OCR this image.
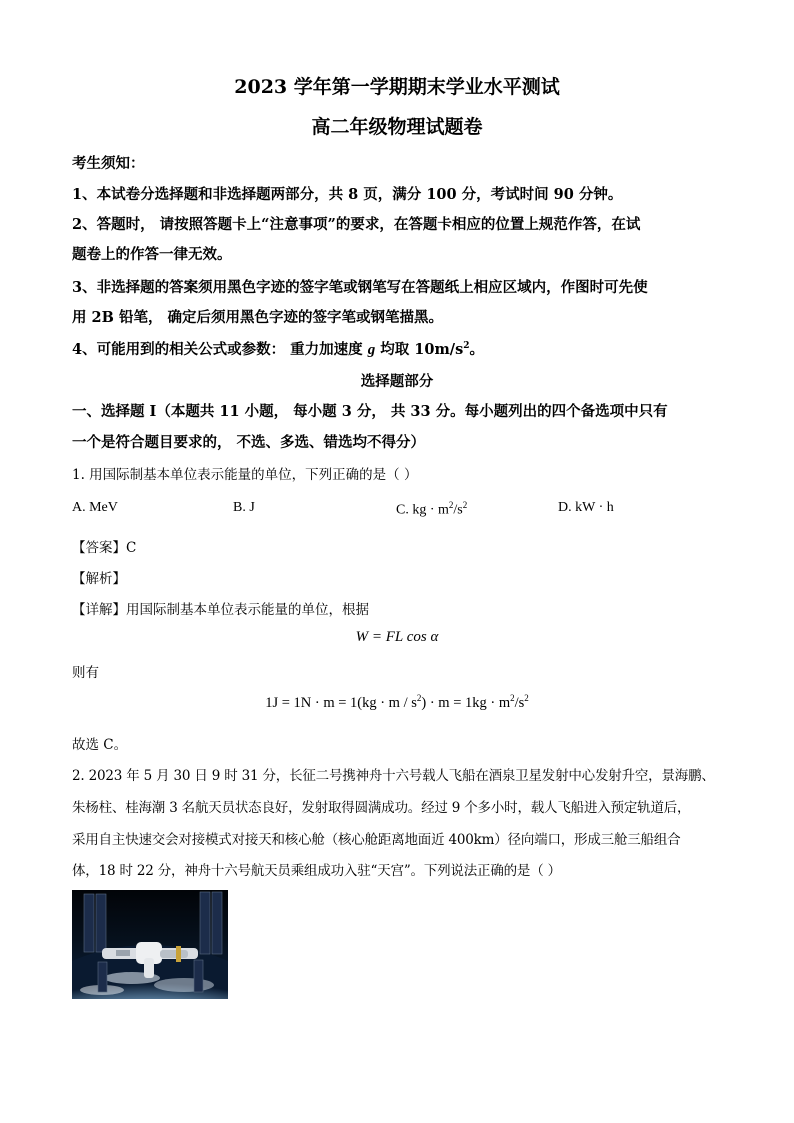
2023 学年第一学期期末学业水平测试
高二年级物理试题卷
考生须知：
1、本试卷分选择题和非选择题两部分，共 8 页，满分 100 分，考试时间 90 分钟。
2、答题时， 请按照答题卡上“注意事项”的要求，在答题卡相应的位置上规范作答，在试
题卷上的作答一律无效。
3、非选择题的答案须用黑色字迹的签字笔或钢笔写在答题纸上相应区域内，作图时可先使
用 2B 铅笔， 确定后须用黑色字迹的签字笔或钢笔描黑。
4、可能用到的相关公式或参数： 重力加速度 g 均取 $10m/s^2$。
选择题部分
一、选择题 I（本题共 11 小题， 每小题 3 分， 共 33 分。每小题列出的四个备选项中只有
一个是符合题目要求的， 不选、多选、错选均不得分）
1. 用国际制基本单位表示能量的单位，下列正确的是（ ）
A. MeV	B. J	C. kg · $m^2/s^2$	D. kW · h
【答案】C
【解析】
【详解】用国际制基本单位表示能量的单位，根据
W = FL cos α
则有
$1J = 1N \cdot m = 1(kg \cdot m / s^2) \cdot m = 1kg \cdot m^2/s^2$
故选 C。
2. 2023 年 5 月 30 日 9 时 31 分，长征二号携神舟十六号载人飞船在酒泉卫星发射中心发射升空，景海鹏、
朱杨柱、桂海潮 3 名航天员状态良好，发射取得圆满成功。经过 9 个多小时，载人飞船进入预定轨道后，
采用自主快速交会对接模式对接天和核心舱（核心舱距离地面近 400km）径向端口，形成三舱三船组合
体，18 时 22 分，神舟十六号航天员乘组成功入驻“天宫”。下列说法正确的是（ ）
